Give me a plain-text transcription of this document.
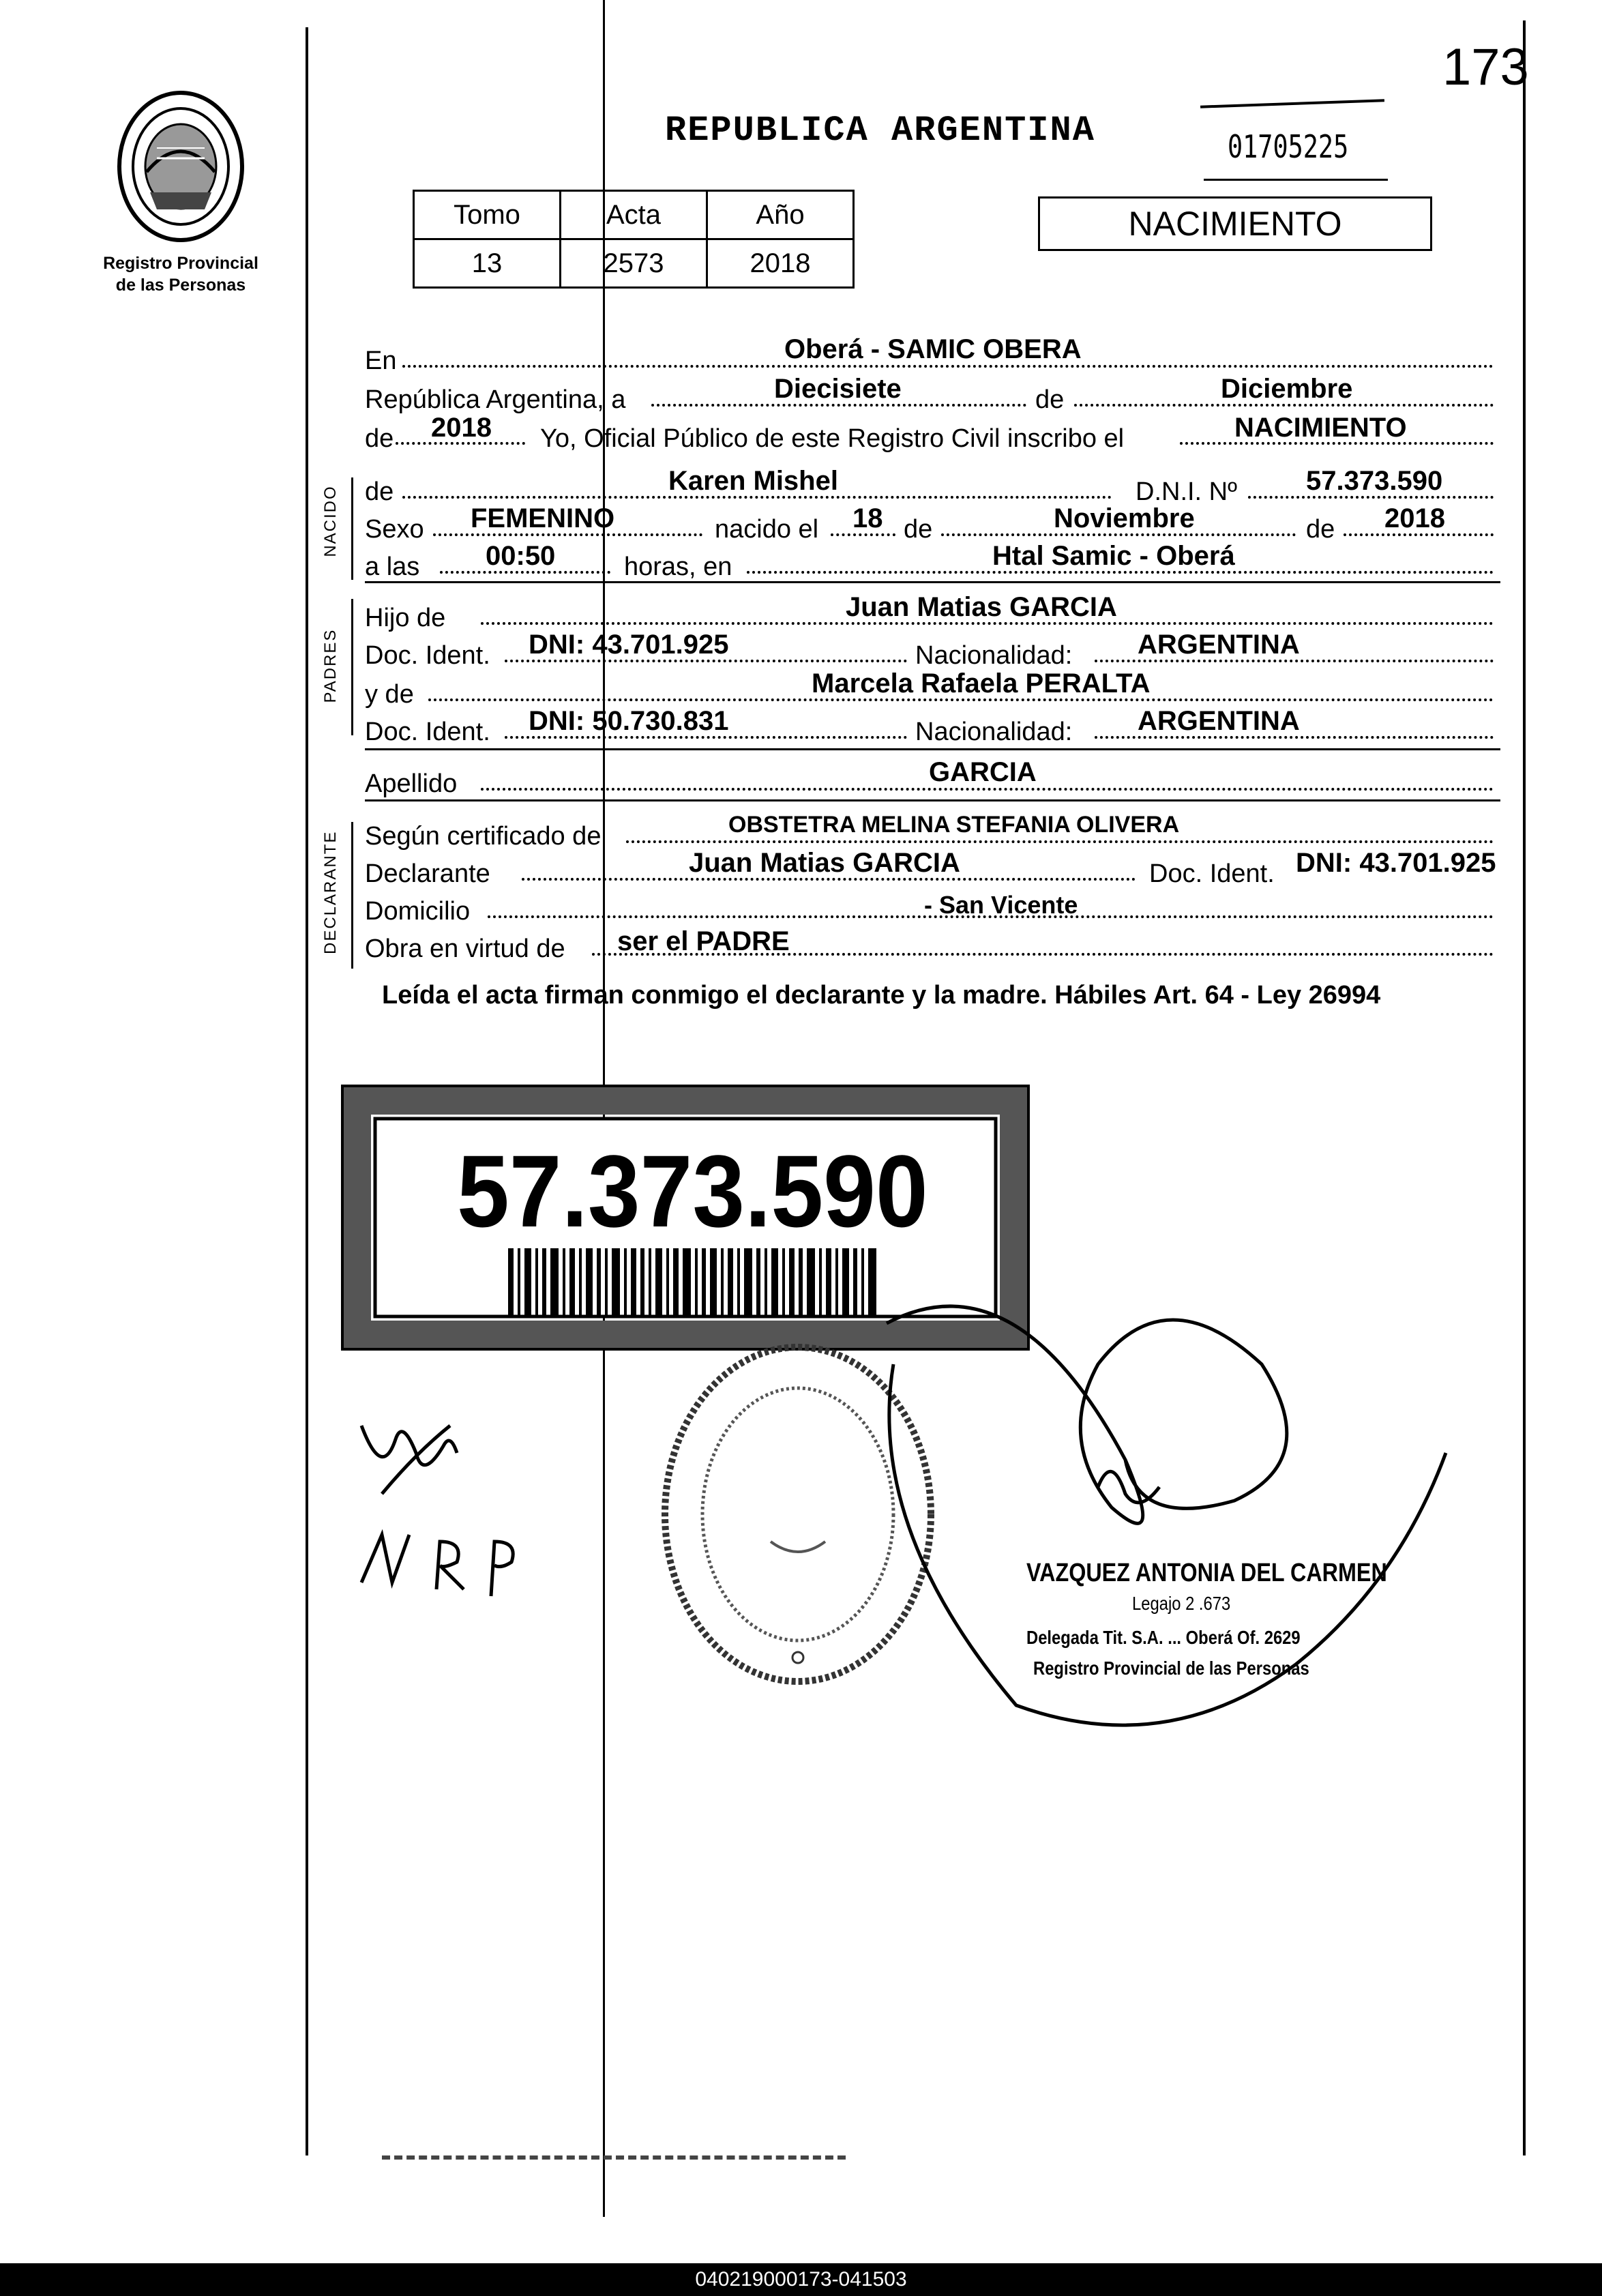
173
Registro Provincial
de las Personas
REPUBLICA ARGENTINA	01705225
Tomo	Acta	Año
13	2573	2018
NACIMIENTO
En	Oberá - SAMIC OBERA
República Argentina, a	Diecisiete	de	Diciembre
de 2018 Yo, Oficial Público de este Registro Civil inscribo el	NACIMIENTO
NACIDO de	Karen Mishel	D.N.I. Nº	57.373.590
Sexo FEMENINO	nacido el 18 de	Noviembre	de 2018
a las 00:50	horas, en	Htal Samic - Oberá
PADRES
Hijo de	Juan Matias GARCIA
Doc. Ident. DNI: 43.701.925	Nacionalidad: ARGENTINA
y de	Marcela Rafaela PERALTA
Doc. Ident. DNI: 50.730.831	Nacionalidad: ARGENTINA
Apellido	GARCIA
DECLARANTE Según certificado de	OBSTETRA MELINA STEFANIA OLIVERA
Declarante	Juan Matias GARCIA	Doc. Ident. DNI: 43.701.925
Domicilio	- San Vicente
Obra en virtud de ser el PADRE
Leída el acta firman conmigo el declarante y la madre. Hábiles Art. 64 - Ley 26994
57.373.590
VAZQUEZ ANTONIA DEL CARMEN
Legajo 2 .673
Delegada Tit. S.A. ... Oberá Of. 2629
Registro Provincial de las Personas
040219000173-041503
